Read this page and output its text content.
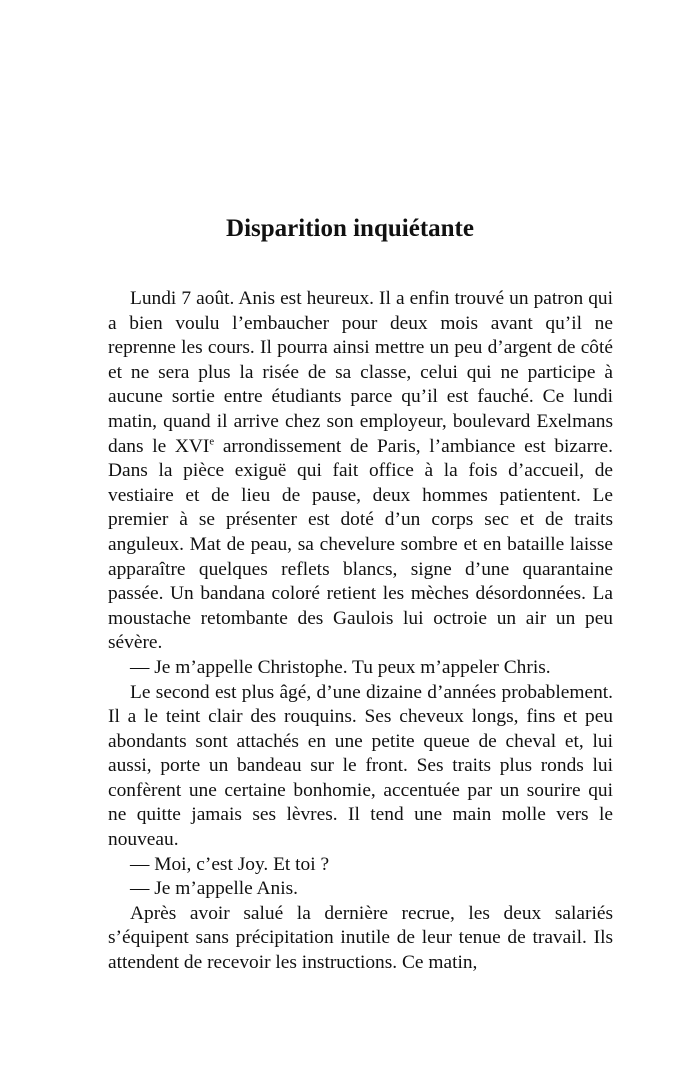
Disparition inquiétante

Lundi 7 août. Anis est heureux. Il a enfin trouvé un patron qui a bien voulu l’embaucher pour deux mois avant qu’il ne reprenne les cours. Il pourra ainsi mettre un peu d’argent de côté et ne sera plus la risée de sa classe, celui qui ne participe à aucune sortie entre étudiants parce qu’il est fauché. Ce lundi matin, quand il arrive chez son employeur, boulevard Exelmans dans le XVIe arrondissement de Paris, l’ambiance est bizarre. Dans la pièce exiguë qui fait office à la fois d’accueil, de vestiaire et de lieu de pause, deux hommes patientent. Le premier à se présenter est doté d’un corps sec et de traits anguleux. Mat de peau, sa chevelure sombre et en bataille laisse apparaître quelques reflets blancs, signe d’une quarantaine passée. Un bandana coloré retient les mèches désordonnées. La moustache retombante des Gaulois lui octroie un air un peu sévère.

— Je m’appelle Christophe. Tu peux m’appeler Chris.

Le second est plus âgé, d’une dizaine d’années probablement. Il a le teint clair des rouquins. Ses cheveux longs, fins et peu abondants sont attachés en une petite queue de cheval et, lui aussi, porte un bandeau sur le front. Ses traits plus ronds lui confèrent une certaine bonhomie, accentuée par un sourire qui ne quitte jamais ses lèvres. Il tend une main molle vers le nouveau.

— Moi, c’est Joy. Et toi ?

— Je m’appelle Anis.

Après avoir salué la dernière recrue, les deux salariés s’équipent sans précipitation inutile de leur tenue de travail. Ils attendent de recevoir les instructions. Ce matin,
